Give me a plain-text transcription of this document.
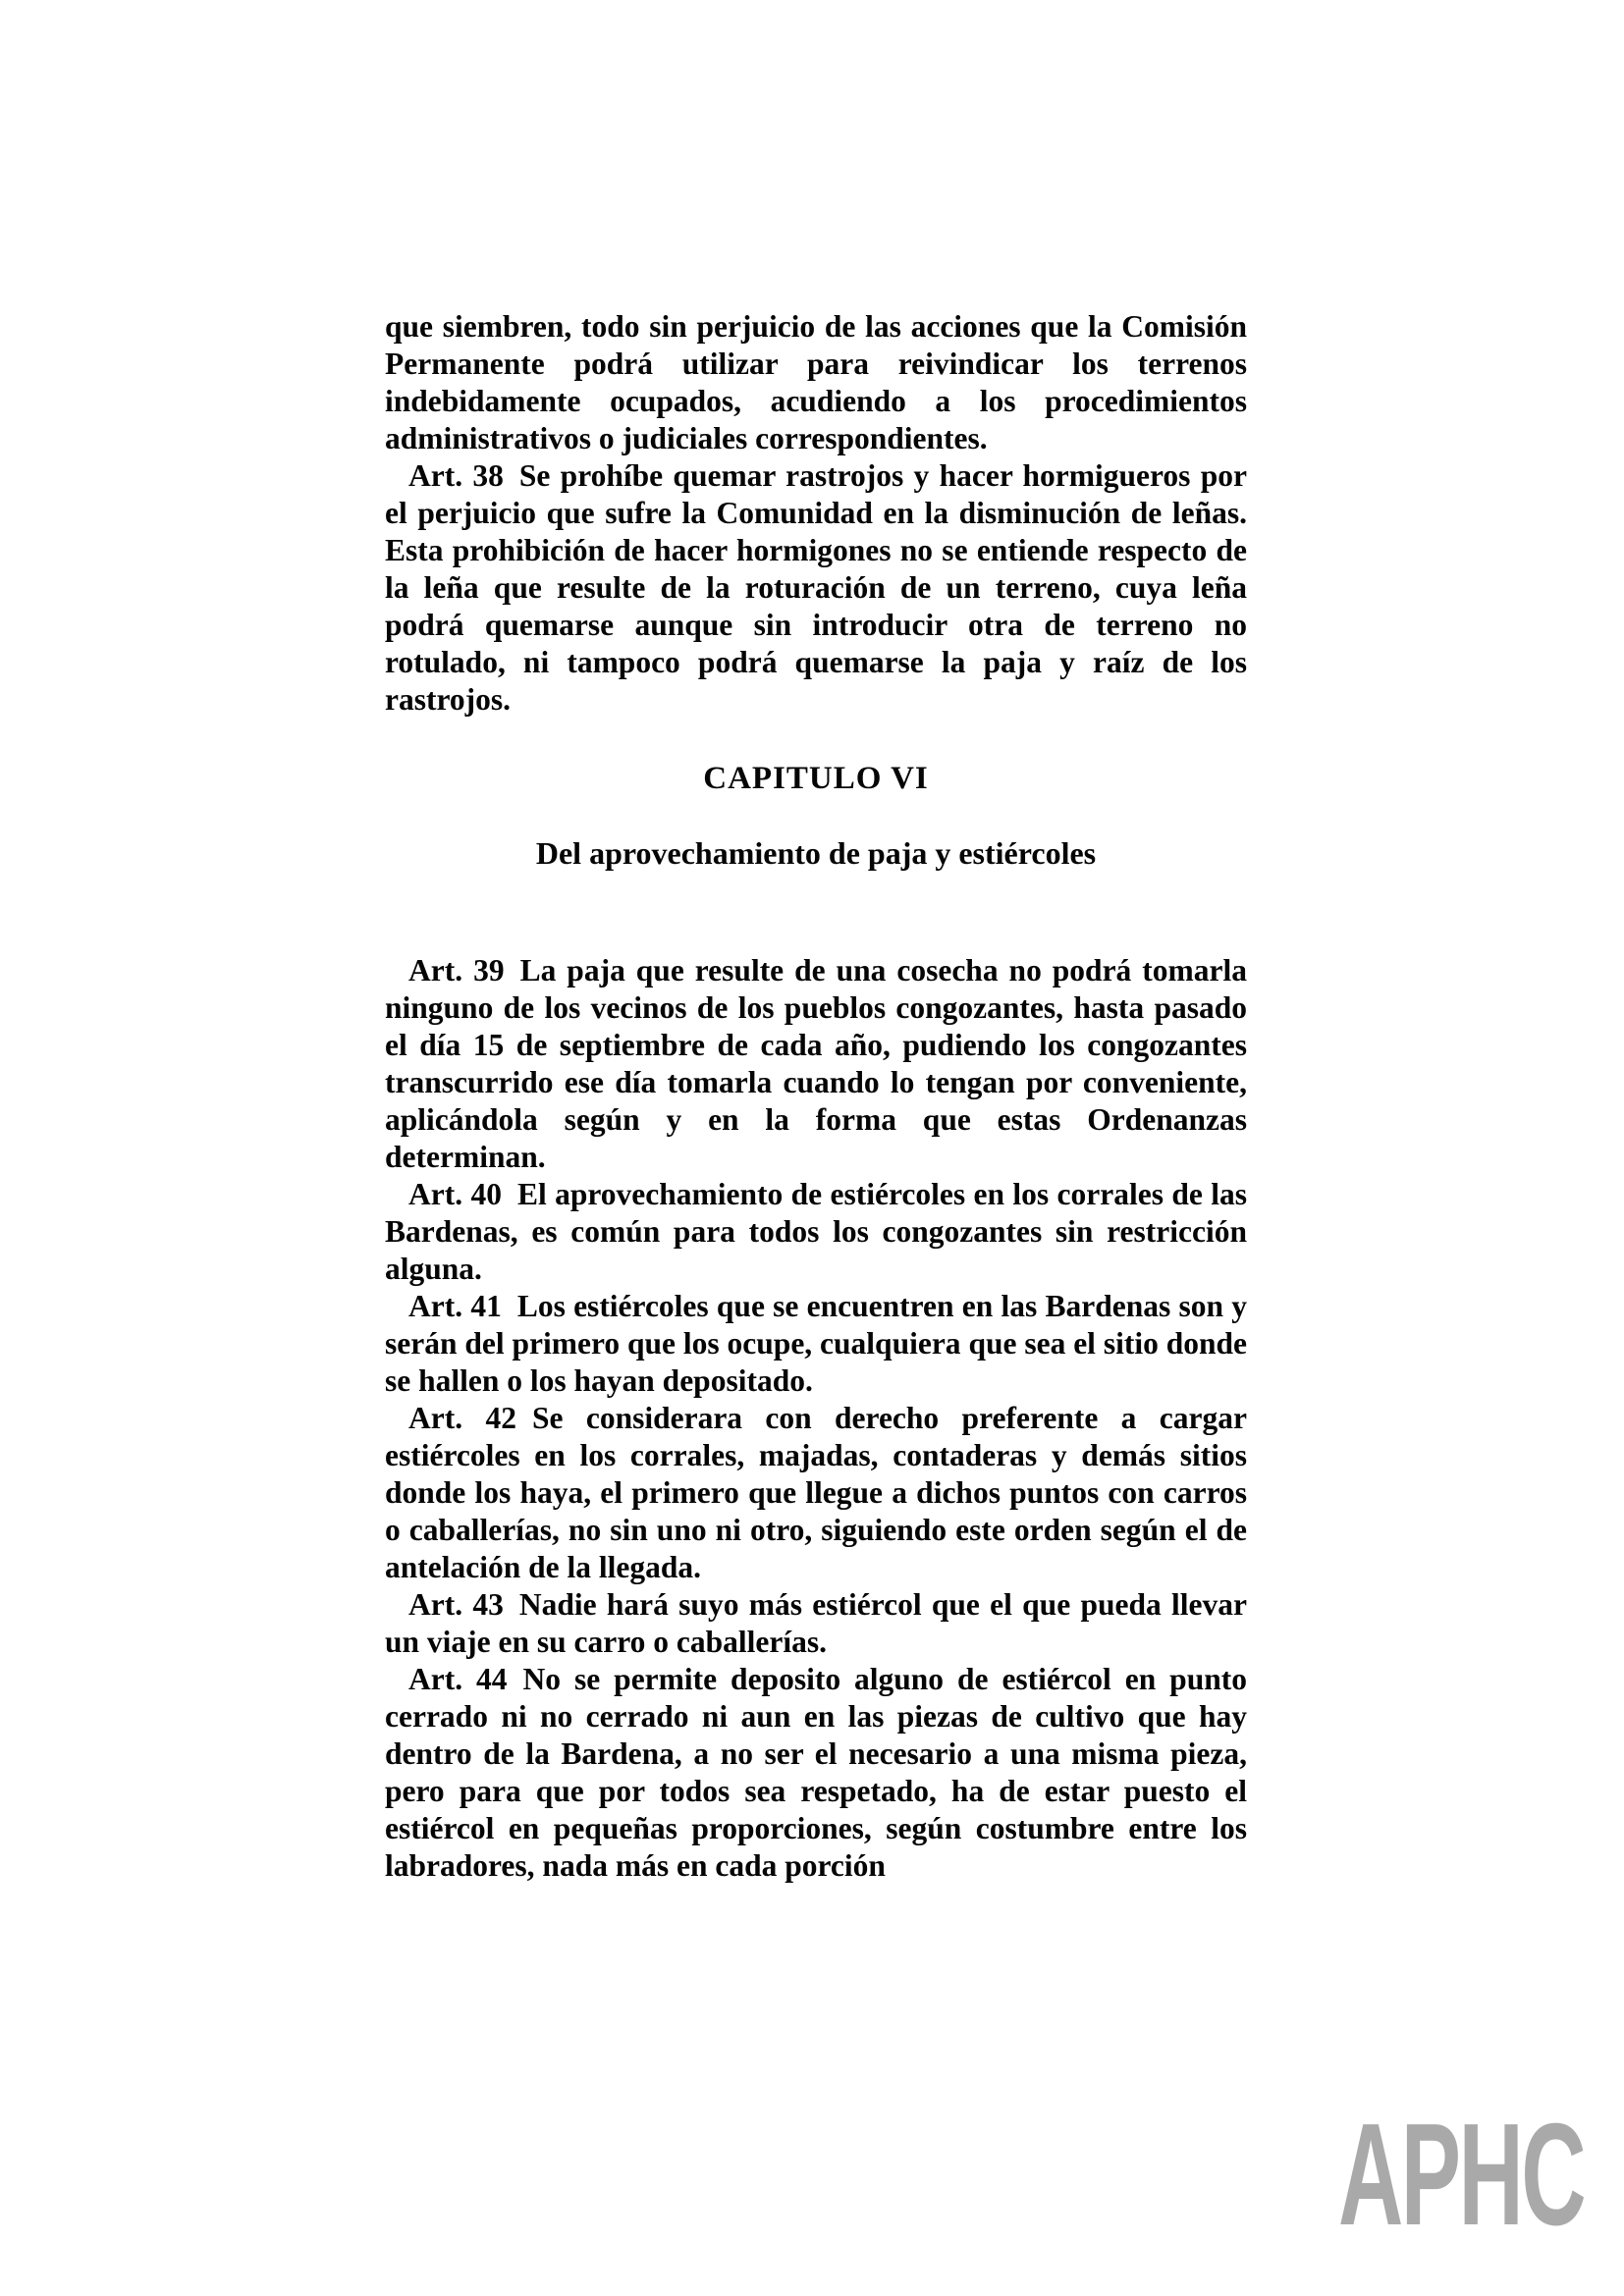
que siembren, todo sin perjuicio de las acciones que la Comisión Permanente podrá utilizar para reivindicar los terrenos indebidamente ocupados, acudiendo a los procedimientos administrativos o judiciales correspondientes.

Art. 38 Se prohíbe quemar rastrojos y hacer hormigueros por el perjuicio que sufre la Comunidad en la disminución de leñas. Esta prohibición de hacer hormigones no se entiende respecto de la leña que resulte de la roturación de un terreno, cuya leña podrá quemarse aunque sin introducir otra de terreno no rotulado, ni tampoco podrá quemarse la paja y raíz de los rastrojos.

CAPITULO VI
Del aprovechamiento de paja y estiércoles

Art. 39 La paja que resulte de una cosecha no podrá tomarla ninguno de los vecinos de los pueblos congozantes, hasta pasado el día 15 de septiembre de cada año, pudiendo los congozantes transcurrido ese día tomarla cuando lo tengan por conveniente, aplicándola según y en la forma que estas Ordenanzas determinan.

Art. 40 El aprovechamiento de estiércoles en los corrales de las Bardenas, es común para todos los congozantes sin restricción alguna.

Art. 41 Los estiércoles que se encuentren en las Bardenas son y serán del primero que los ocupe, cualquiera que sea el sitio donde se hallen o los hayan depositado.

Art. 42 Se considerara con derecho preferente a cargar estiércoles en los corrales, majadas, contaderas y demás sitios donde los haya, el primero que llegue a dichos puntos con carros o caballerías, no sin uno ni otro, siguiendo este orden según el de antelación de la llegada.

Art. 43 Nadie hará suyo más estiércol que el que pueda llevar un viaje en su carro o caballerías.

Art. 44 No se permite deposito alguno de estiércol en punto cerrado ni no cerrado ni aun en las piezas de cultivo que hay dentro de la Bardena, a no ser el necesario a una misma pieza, pero para que por todos sea respetado, ha de estar puesto el estiércol en pequeñas proporciones, según costumbre entre los labradores, nada más en cada porción

APHC
